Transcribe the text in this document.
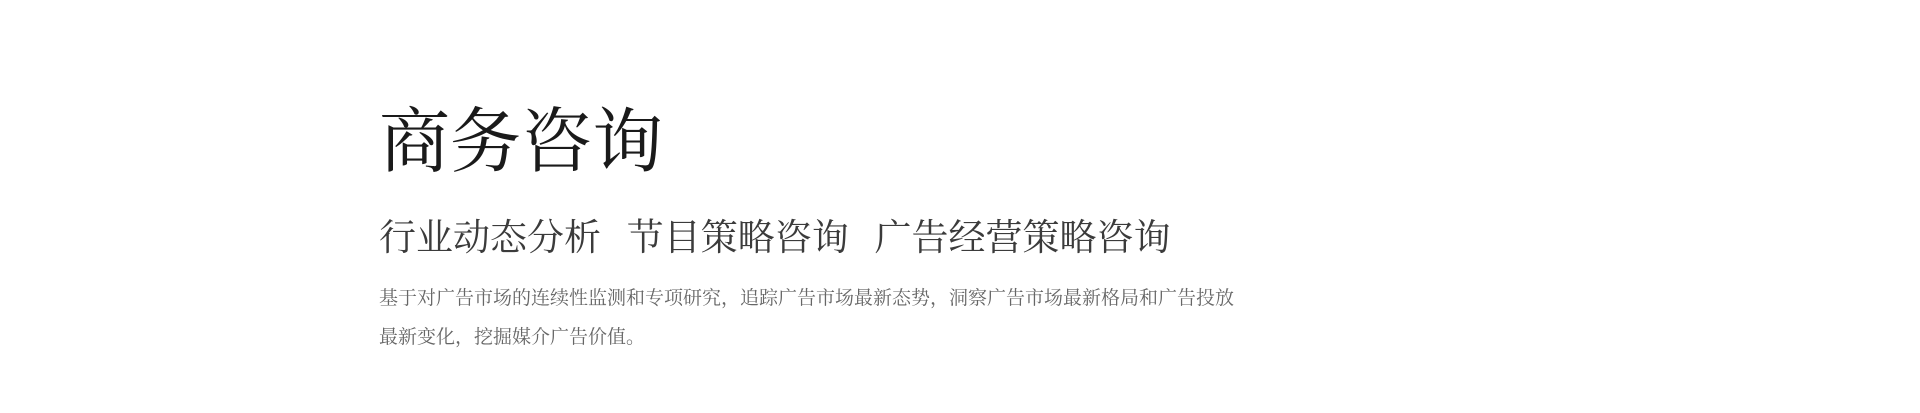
商务咨询
行业动态分析 节目策略咨询 广告经营策略咨询

基于对广告市场的连续性监测和专项研究，追踪广告市场最新态势，洞察广告市场最新格局和广告投放最新变化，挖掘媒介广告价值。
